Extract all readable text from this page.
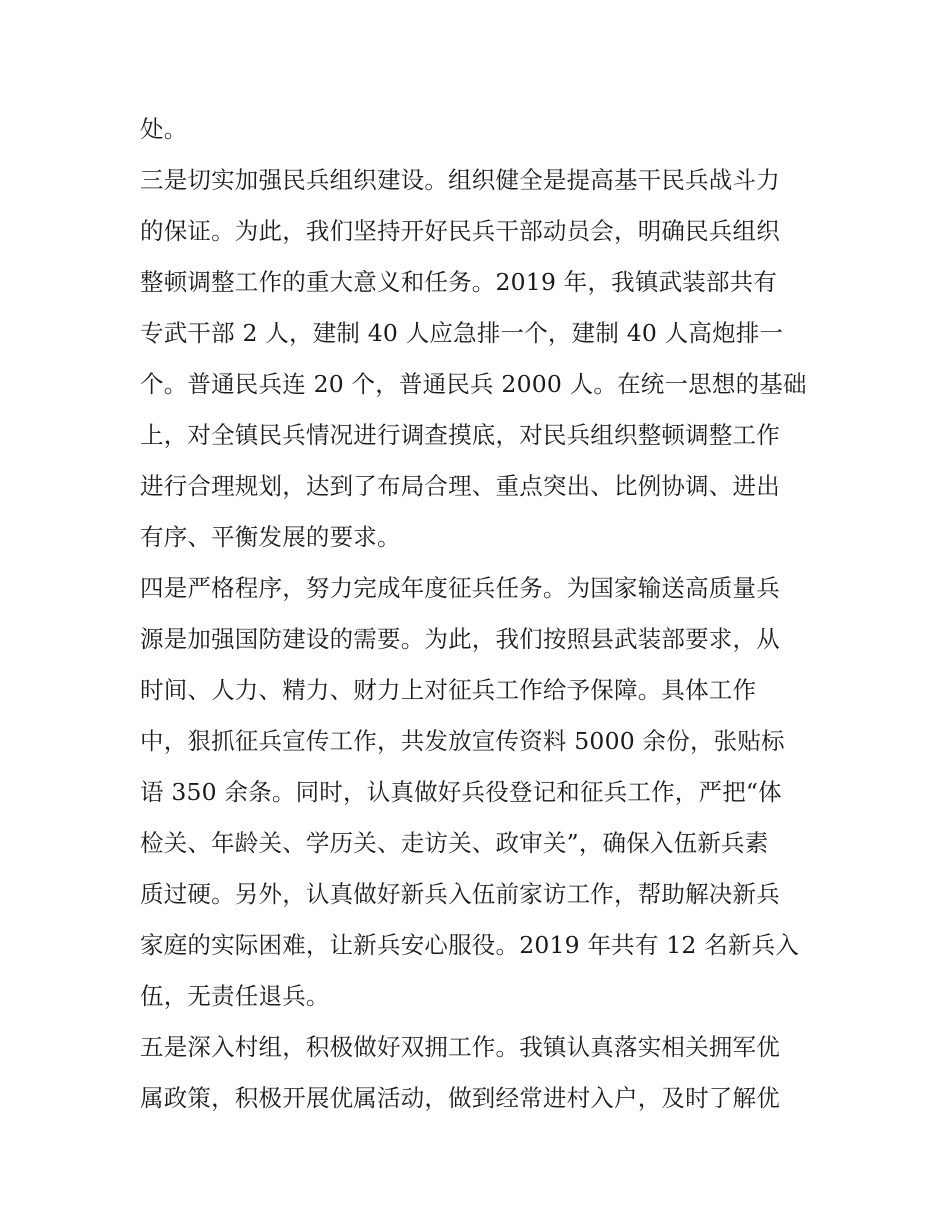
处。
三是切实加强民兵组织建设。组织健全是提高基干民兵战斗力
的保证。为此，我们坚持开好民兵干部动员会，明确民兵组织
整顿调整工作的重大意义和任务。2019 年，我镇武装部共有
专武干部 2 人，建制 40 人应急排一个，建制 40 人高炮排一
个。普通民兵连 20 个，普通民兵 2000 人。在统一思想的基础
上，对全镇民兵情况进行调查摸底，对民兵组织整顿调整工作
进行合理规划，达到了布局合理、重点突出、比例协调、进出
有序、平衡发展的要求。
四是严格程序，努力完成年度征兵任务。为国家输送高质量兵
源是加强国防建设的需要。为此，我们按照县武装部要求，从
时间、人力、精力、财力上对征兵工作给予保障。具体工作
中，狠抓征兵宣传工作，共发放宣传资料 5000 余份，张贴标
语 350 余条。同时，认真做好兵役登记和征兵工作，严把“体
检关、年龄关、学历关、走访关、政审关”，确保入伍新兵素
质过硬。另外，认真做好新兵入伍前家访工作，帮助解决新兵
家庭的实际困难，让新兵安心服役。2019 年共有 12 名新兵入
伍，无责任退兵。
五是深入村组，积极做好双拥工作。我镇认真落实相关拥军优
属政策，积极开展优属活动，做到经常进村入户，及时了解优
